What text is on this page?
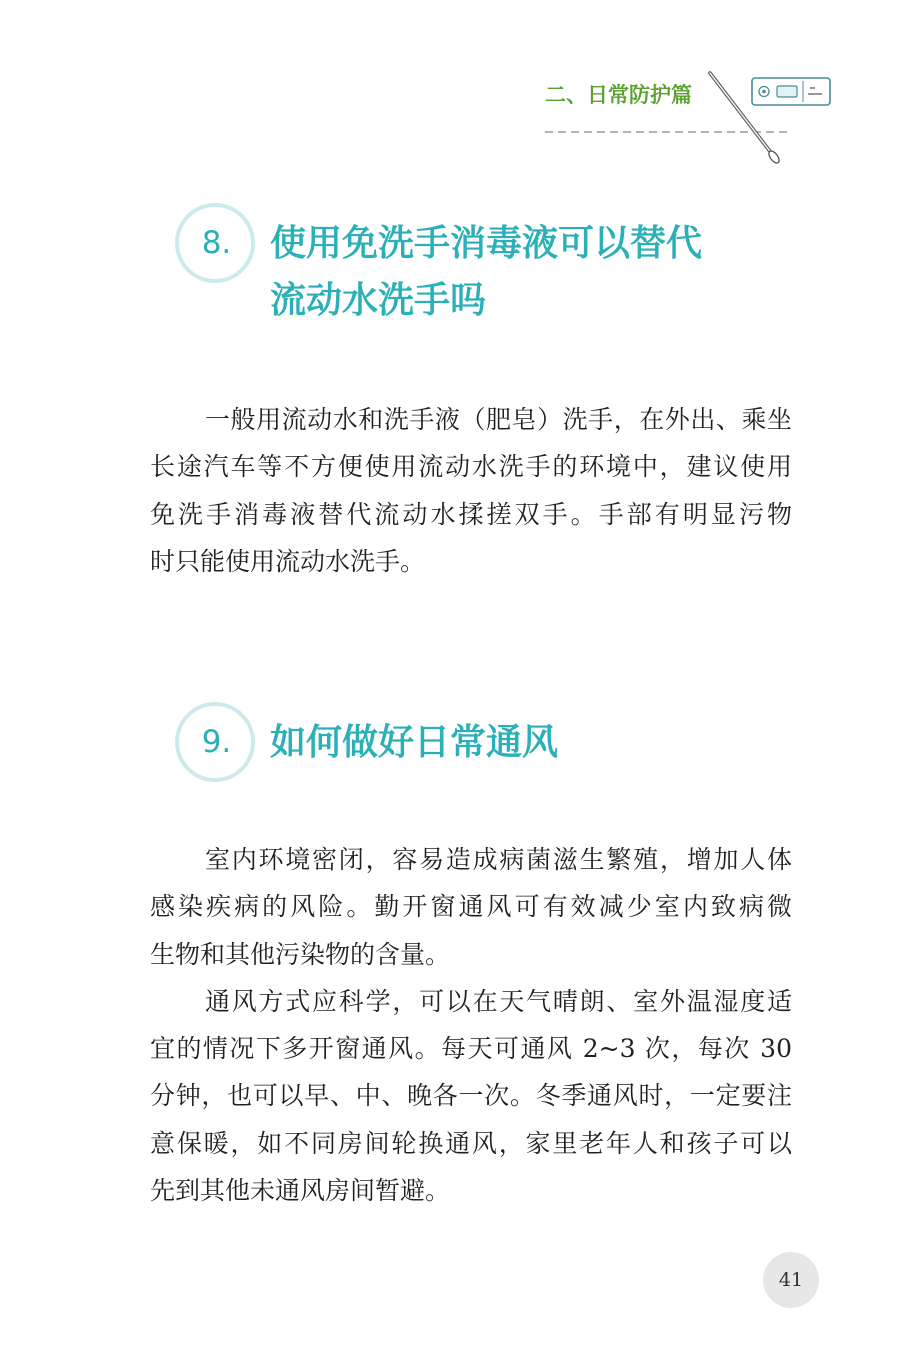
二、日常防护篇
8. 使用免洗手消毒液可以替代
流动水洗手吗
一般用流动水和洗手液（肥皂）洗手，在外出、乘坐
长途汽车等不方便使用流动水洗手的环境中，建议使用
免洗手消毒液替代流动水揉搓双手。手部有明显污物
时只能使用流动水洗手。
9. 如何做好日常通风
室内环境密闭，容易造成病菌滋生繁殖，增加人体
感染疾病的风险。勤开窗通风可有效减少室内致病微
生物和其他污染物的含量。
通风方式应科学，可以在天气晴朗、室外温湿度适
宜的情况下多开窗通风。每天可通风 2~3 次，每次 30
分钟，也可以早、中、晚各一次。冬季通风时，一定要注
意保暖，如不同房间轮换通风，家里老年人和孩子可以
先到其他未通风房间暂避。
41
